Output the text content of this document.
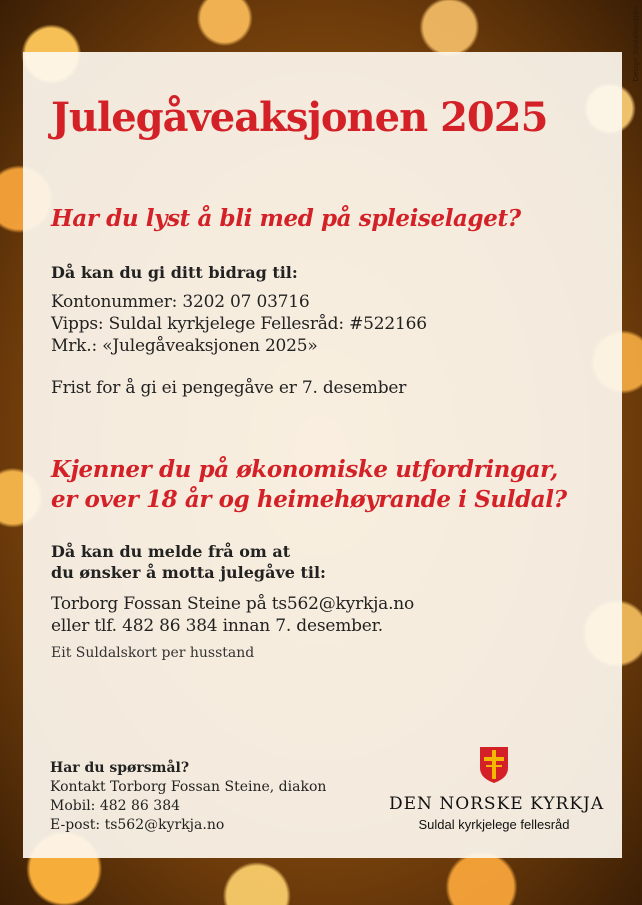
Design Suldalsposten
Julegåveaksjonen 2025
Har du lyst å bli med på spleiselaget?

Då kan du gi ditt bidrag til:

Kontonummer: 3202 07 03716
Vipps: Suldal kyrkjelege Fellesråd: #522166
Mrk.: «Julegåveaksjonen 2025»
Frist for å gi ei pengegåve er 7. desember
Kjenner du på økonomiske utfordringar,
er over 18 år og heimehøyrande i Suldal?

Då kan du melde frå om at
du ønsker å motta julegåve til:

Torborg Fossan Steine på ts562@kyrkja.no
eller tlf. 482 86 384 innan 7. desember.
Eit Suldalskort per husstand
Har du spørsmål?
Kontakt Torborg Fossan Steine, diakon
Mobil: 482 86 384
E-post: ts562@kyrkja.no
DEN NORSKE KYRKJA
Suldal kyrkjelege fellesråd
